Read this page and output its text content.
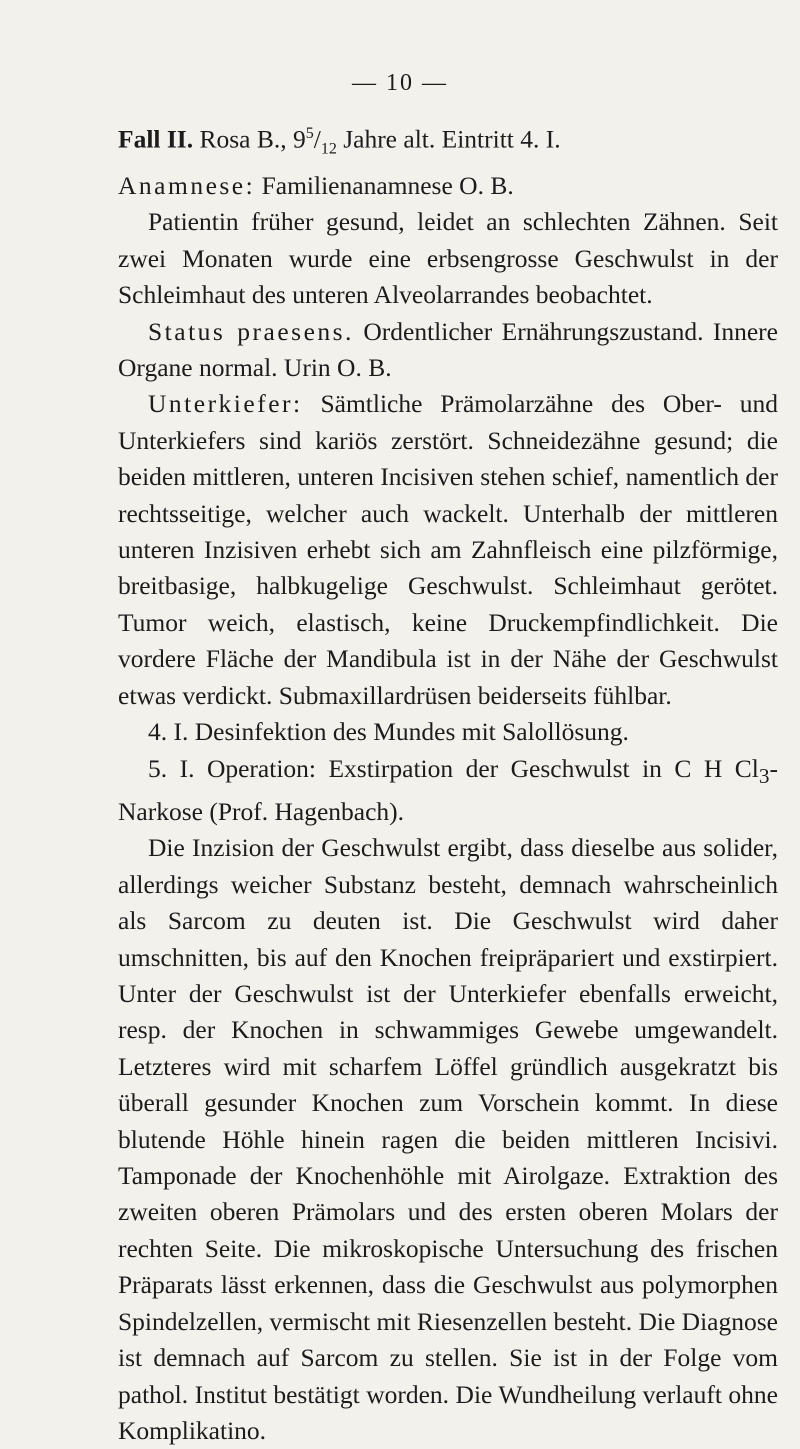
— 10 —

Fall II. Rosa B., $9^5/_{12}$ Jahre alt. Eintritt 4. I.

Anamnese: Familienanamnese O. B.

Patientin früher gesund, leidet an schlechten Zähnen. Seit zwei Monaten wurde eine erbsengrosse Geschwulst in der Schleimhaut des unteren Alveolarrandes beobachtet.

Status praesens. Ordentlicher Ernährungszustand. Innere Organe normal. Urin O. B.

Unterkiefer: Sämtliche Prämolarzähne des Ober- und Unterkiefers sind kariös zerstört. Schneidezähne gesund; die beiden mittleren, unteren Incisiven stehen schief, namentlich der rechtsseitige, welcher auch wackelt. Unterhalb der mittleren unteren Inzisiven erhebt sich am Zahnfleisch eine pilzförmige, breitbasige, halbkugelige Geschwulst. Schleimhaut gerötet. Tumor weich, elastisch, keine Druckempfindlichkeit. Die vordere Fläche der Mandibula ist in der Nähe der Geschwulst etwas verdickt. Submaxillardrüsen beiderseits fühlbar.

4. I. Desinfektion des Mundes mit Salollösung.

5. I. Operation: Exstirpation der Geschwulst in C H $Cl_3$-Narkose (Prof. Hagenbach).

Die Inzision der Geschwulst ergibt, dass dieselbe aus solider, allerdings weicher Substanz besteht, demnach wahrscheinlich als Sarcom zu deuten ist. Die Geschwulst wird daher umschnitten, bis auf den Knochen freipräpariert und exstirpiert. Unter der Geschwulst ist der Unterkiefer ebenfalls erweicht, resp. der Knochen in schwammiges Gewebe umgewandelt. Letzteres wird mit scharfem Löffel gründlich ausgekratzt bis überall gesunder Knochen zum Vorschein kommt. In diese blutende Höhle hinein ragen die beiden mittleren Incisivi. Tamponade der Knochenhöhle mit Airolgaze. Extraktion des zweiten oberen Prämolars und des ersten oberen Molars der rechten Seite. Die mikroskopische Untersuchung des frischen Präparats lässt erkennen, dass die Geschwulst aus polymorphen Spindelzellen, vermischt mit Riesenzellen besteht. Die Diagnose ist demnach auf Sarcom zu stellen. Sie ist in der Folge vom pathol. Institut bestätigt worden. Die Wundheilung verlauft ohne Komplikatino.
